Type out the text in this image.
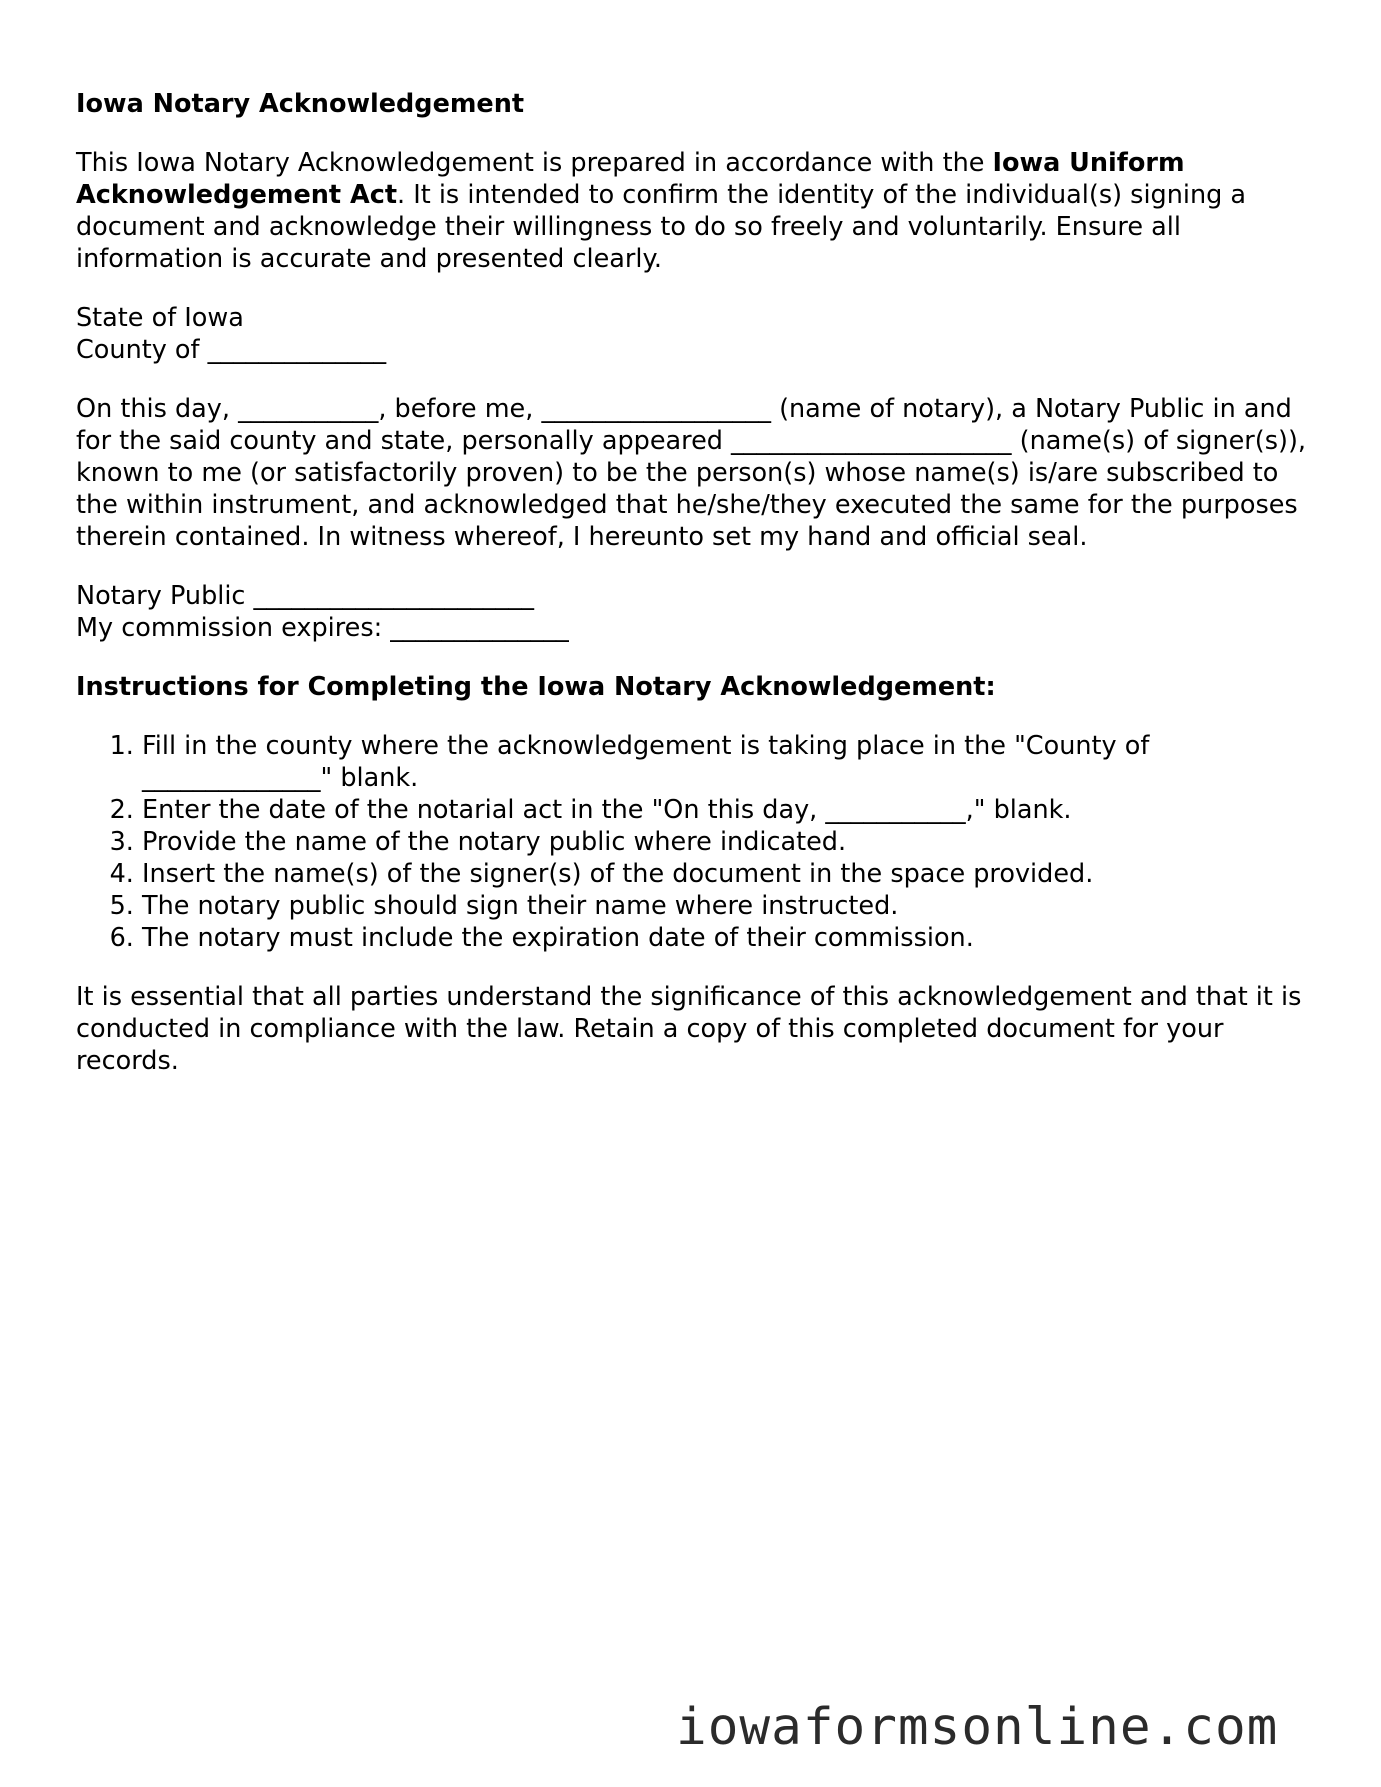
Iowa Notary Acknowledgement

This Iowa Notary Acknowledgement is prepared in accordance with the Iowa Uniform Acknowledgement Act. It is intended to confirm the identity of the individual(s) signing a document and acknowledge their willingness to do so freely and voluntarily. Ensure all information is accurate and presented clearly.

State of Iowa
County of ______________

On this day, ___________, before me, __________________ (name of notary), a Notary Public in and for the said county and state, personally appeared ______________________ (name(s) of signer(s)), known to me (or satisfactorily proven) to be the person(s) whose name(s) is/are subscribed to the within instrument, and acknowledged that he/she/they executed the same for the purposes therein contained. In witness whereof, I hereunto set my hand and official seal.

Notary Public ______________________
My commission expires: ______________

Instructions for Completing the Iowa Notary Acknowledgement:
1. Fill in the county where the acknowledgement is taking place in the "County of ______________" blank.
2. Enter the date of the notarial act in the "On this day, ___________," blank.
3. Provide the name of the notary public where indicated.
4. Insert the name(s) of the signer(s) of the document in the space provided.
5. The notary public should sign their name where instructed.
6. The notary must include the expiration date of their commission.

It is essential that all parties understand the significance of this acknowledgement and that it is conducted in compliance with the law. Retain a copy of this completed document for your records.

iowaformsonline.com
